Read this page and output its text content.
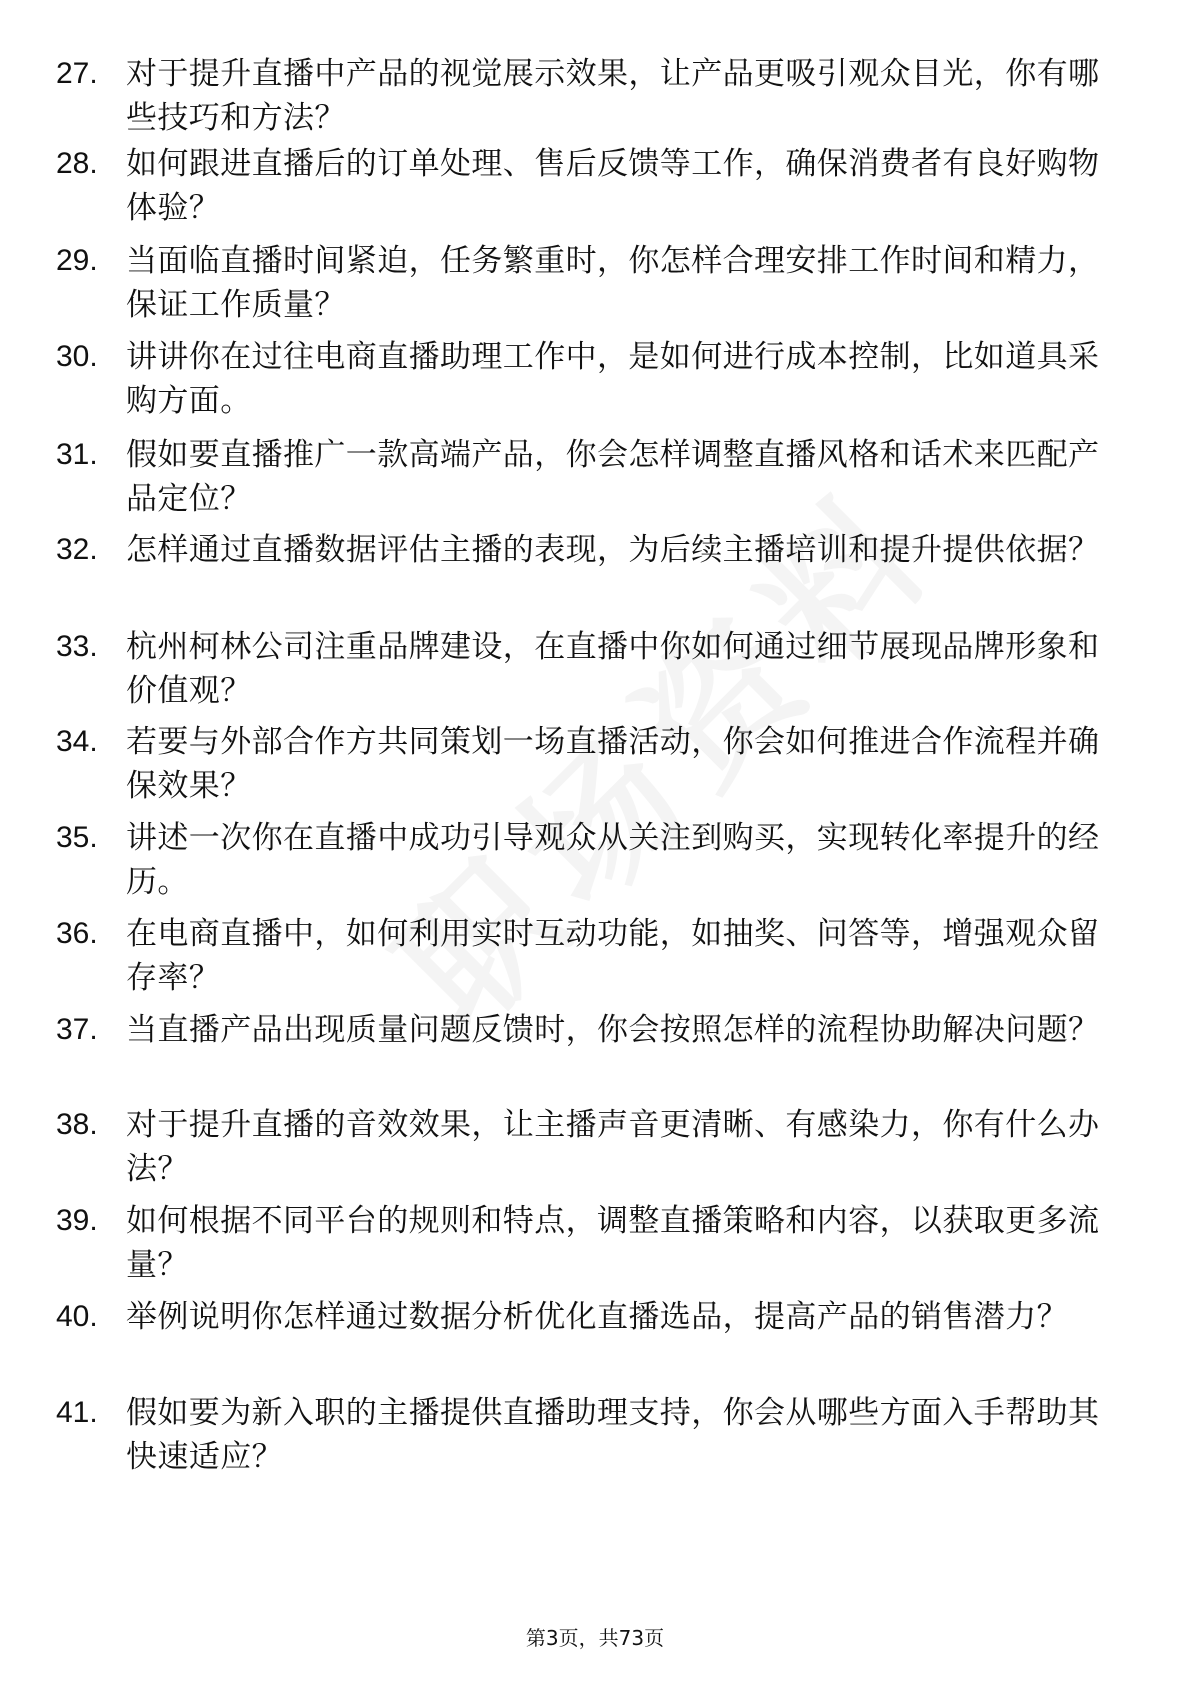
27. 对于提升直播中产品的视觉展示效果，让产品更吸引观众目光，你有哪些技巧和方法？
28. 如何跟进直播后的订单处理、售后反馈等工作，确保消费者有良好购物体验？
29. 当面临直播时间紧迫，任务繁重时，你怎样合理安排工作时间和精力，保证工作质量？
30. 讲讲你在过往电商直播助理工作中，是如何进行成本控制，比如道具采购方面。
31. 假如要直播推广一款高端产品，你会怎样调整直播风格和话术来匹配产品定位？
32. 怎样通过直播数据评估主播的表现，为后续主播培训和提升提供依据？
33. 杭州柯林公司注重品牌建设，在直播中你如何通过细节展现品牌形象和价值观？
34. 若要与外部合作方共同策划一场直播活动，你会如何推进合作流程并确保效果？
35. 讲述一次你在直播中成功引导观众从关注到购买，实现转化率提升的经历。
36. 在电商直播中，如何利用实时互动功能，如抽奖、问答等，增强观众留存率？
37. 当直播产品出现质量问题反馈时，你会按照怎样的流程协助解决问题？
38. 对于提升直播的音效效果，让主播声音更清晰、有感染力，你有什么办法？
39. 如何根据不同平台的规则和特点，调整直播策略和内容，以获取更多流量？
40. 举例说明你怎样通过数据分析优化直播选品，提高产品的销售潜力？
41. 假如要为新入职的主播提供直播助理支持，你会从哪些方面入手帮助其快速适应？
第3页，共73页
